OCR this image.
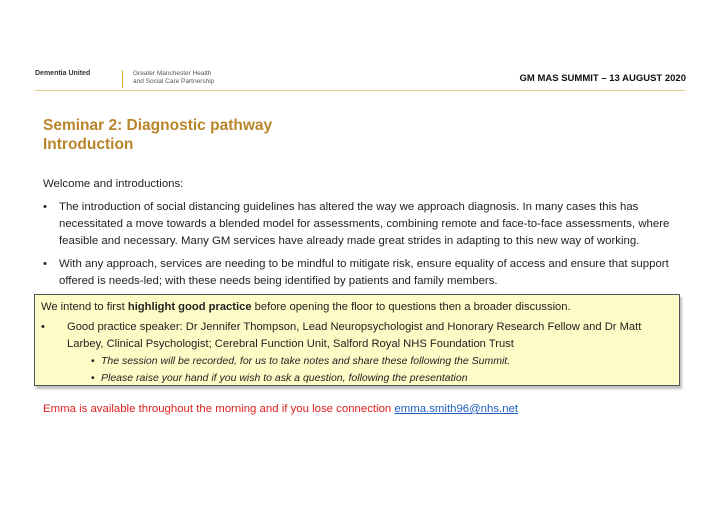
Dementia United	Greater Manchester Health
and Social Care Partnership	GM MAS SUMMIT – 13 AUGUST 2020
Seminar 2: Diagnostic pathway
Introduction
Welcome and introductions:
• The introduction of social distancing guidelines has altered the way we approach diagnosis. In many cases this has necessitated a move towards a blended model for assessments, combining remote and face-to-face assessments, where feasible and necessary. Many GM services have already made great strides in adapting to this new way of working.
• With any approach, services are needing to be mindful to mitigate risk, ensure equality of access and ensure that support offered is needs-led; with these needs being identified by patients and family members.
We intend to first highlight good practice before opening the floor to questions then a broader discussion.
• Good practice speaker: Dr Jennifer Thompson, Lead Neuropsychologist and Honorary Research Fellow and Dr Matt Larbey, Clinical Psychologist; Cerebral Function Unit, Salford Royal NHS Foundation Trust
• The session will be recorded, for us to take notes and share these following the Summit.
• Please raise your hand if you wish to ask a question, following the presentation
Emma is available throughout the morning and if you lose connection emma.smith96@nhs.net
